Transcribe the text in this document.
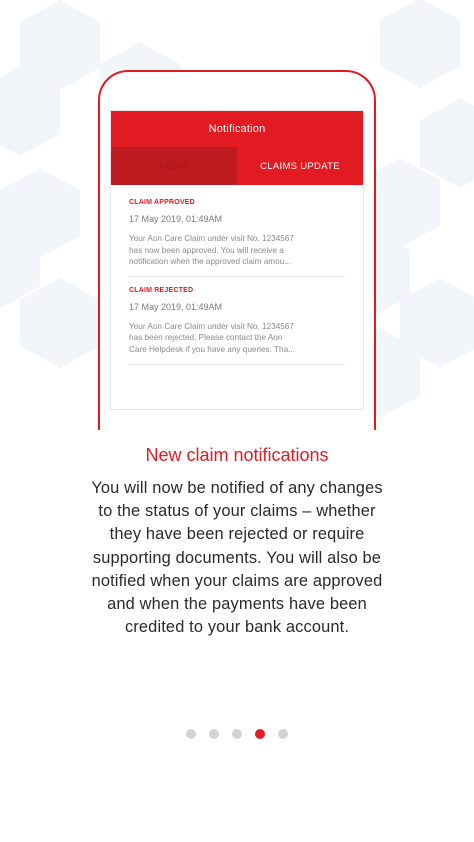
Notification
NEWS	CLAIMS UPDATE
CLAIM APPROVED
17 May 2019, 01:49AM
Your Aon Care Claim under visit No. 1234567
has now been approved. You will receive a
notification when the approved claim amou...
CLAIM REJECTED
17 May 2019, 01:49AM
Your Aon Care Claim under visit No. 1234567
has been rejected. Please contact the Aon
Care Helpdesk if you have any queries. Tha...
New claim notifications
You will now be notified of any changes
to the status of your claims – whether
they have been rejected or require
supporting documents. You will also be
notified when your claims are approved
and when the payments have been
credited to your bank account.
